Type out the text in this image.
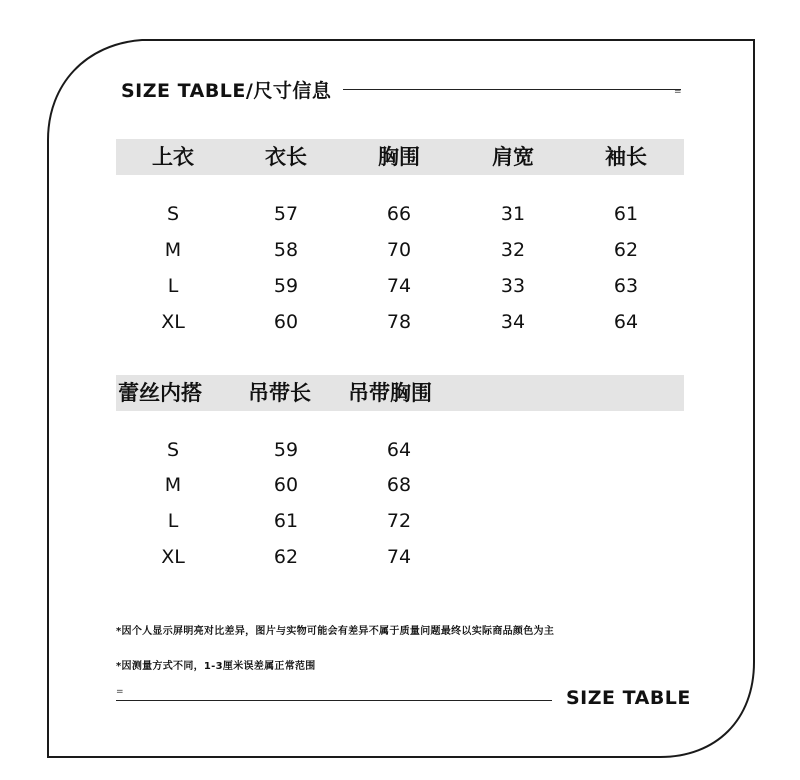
SIZE TABLE/尺寸信息	=
上衣	衣长	胸围	肩宽	袖长
S	57	66	31	61
M	58	70	32	62
L	59	74	33	63
XL	60	78	34	64
蕾丝内搭 吊带长 吊带胸围
S	59	64
M	60	68
L	61	72
XL	62	74
*因个人显示屏明亮对比差异，图片与实物可能会有差异不属于质量问题最终以实际商品颜色为主
*因测量方式不同，1-3厘米误差属正常范围
=	SIZE TABLE
